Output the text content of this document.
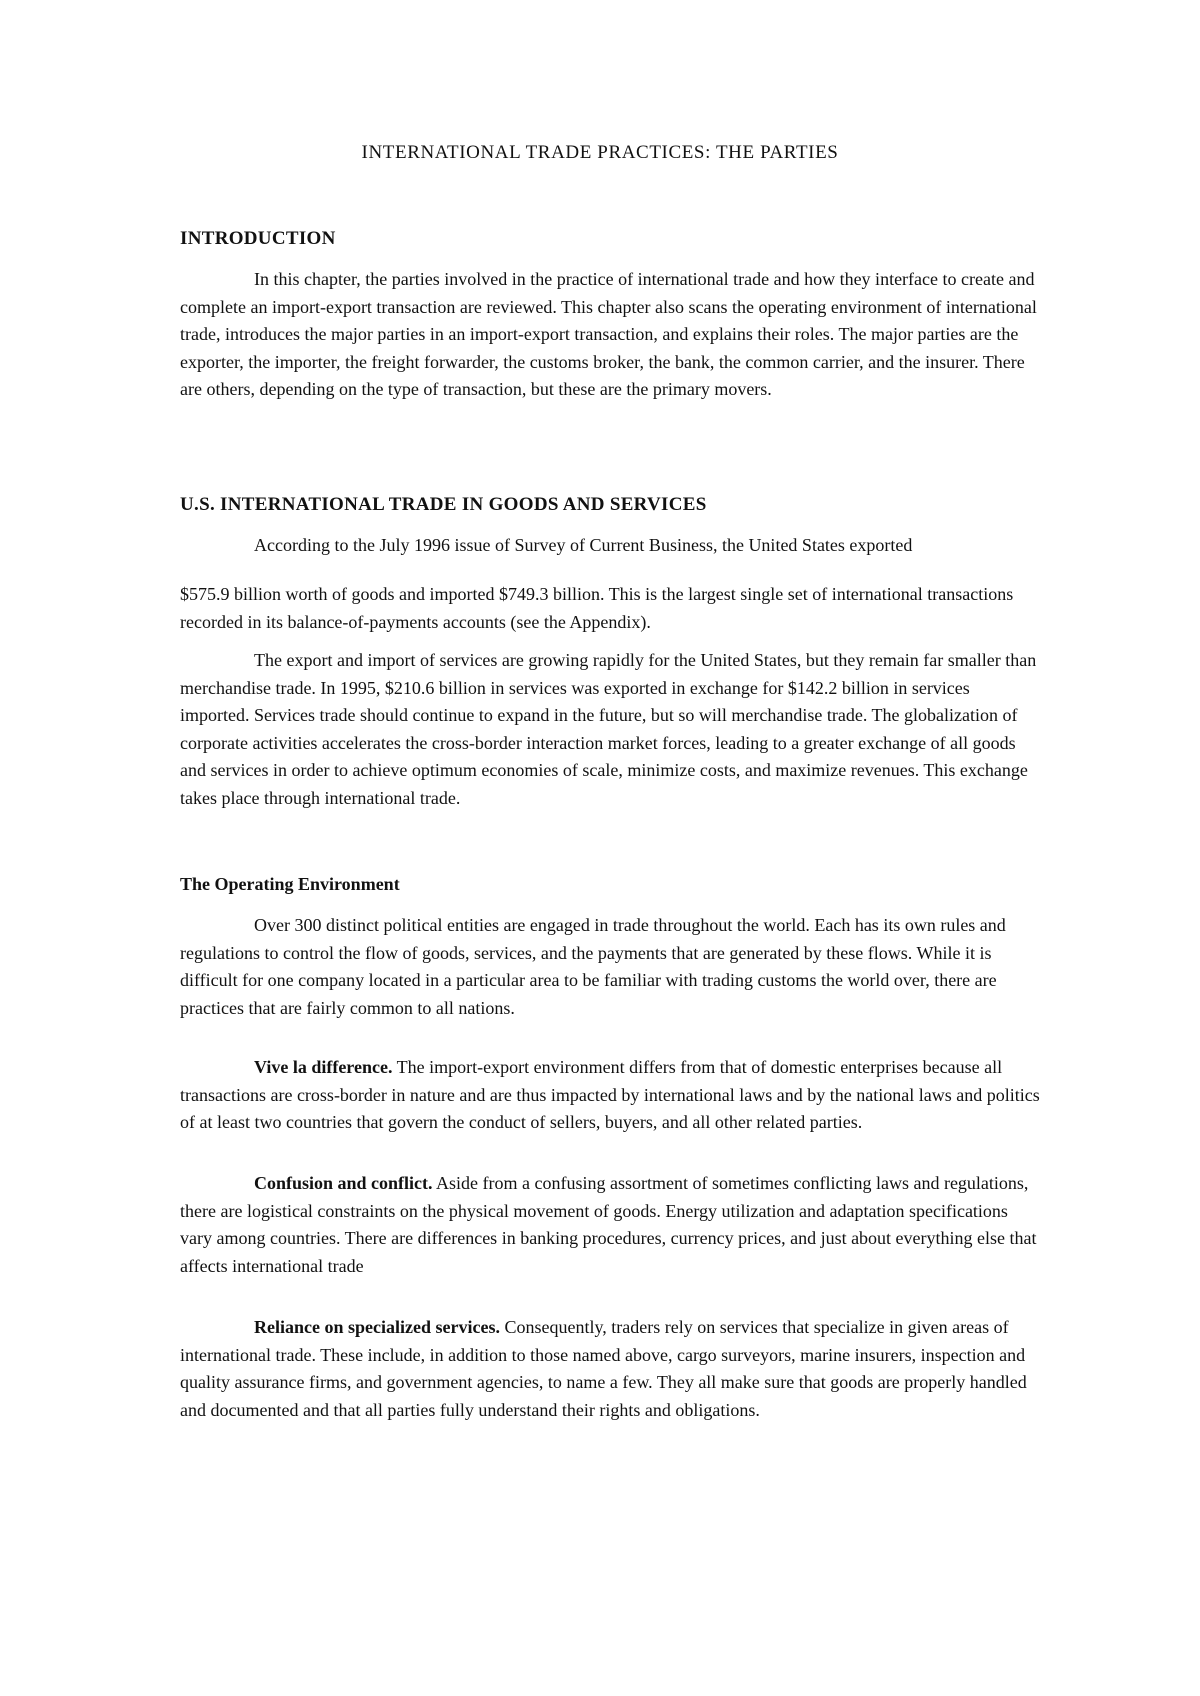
INTERNATIONAL TRADE PRACTICES: THE PARTIES
INTRODUCTION

In this chapter, the parties involved in the practice of international trade and how they interface to create and complete an import-export transaction are reviewed. This chapter also scans the operating environment of international trade, introduces the major parties in an import-export transaction, and explains their roles. The major parties are the exporter, the importer, the freight forwarder, the customs broker, the bank, the common carrier, and the insurer. There are others, depending on the type of transaction, but these are the primary movers.

U.S. INTERNATIONAL TRADE IN GOODS AND SERVICES

According to the July 1996 issue of Survey of Current Business, the United States exported

$575.9 billion worth of goods and imported $749.3 billion. This is the largest single set of international transactions recorded in its balance-of-payments accounts (see the Appendix).

The export and import of services are growing rapidly for the United States, but they remain far smaller than merchandise trade. In 1995, $210.6 billion in services was exported in exchange for $142.2 billion in services imported. Services trade should continue to expand in the future, but so will merchandise trade. The globalization of corporate activities accelerates the cross-border interaction market forces, leading to a greater exchange of all goods and services in order to achieve optimum economies of scale, minimize costs, and maximize revenues. This exchange takes place through international trade.

The Operating Environment

Over 300 distinct political entities are engaged in trade throughout the world. Each has its own rules and regulations to control the flow of goods, services, and the payments that are generated by these flows. While it is difficult for one company located in a particular area to be familiar with trading customs the world over, there are practices that are fairly common to all nations.

Vive la difference. The import-export environment differs from that of domestic enterprises because all transactions are cross-border in nature and are thus impacted by international laws and by the national laws and politics of at least two countries that govern the conduct of sellers, buyers, and all other related parties.

Confusion and conflict. Aside from a confusing assortment of sometimes conflicting laws and regulations, there are logistical constraints on the physical movement of goods. Energy utilization and adaptation specifications vary among countries. There are differences in banking procedures, currency prices, and just about everything else that affects international trade

Reliance on specialized services. Consequently, traders rely on services that specialize in given areas of international trade. These include, in addition to those named above, cargo surveyors, marine insurers, inspection and quality assurance firms, and government agencies, to name a few. They all make sure that goods are properly handled and documented and that all parties fully understand their rights and obligations.
